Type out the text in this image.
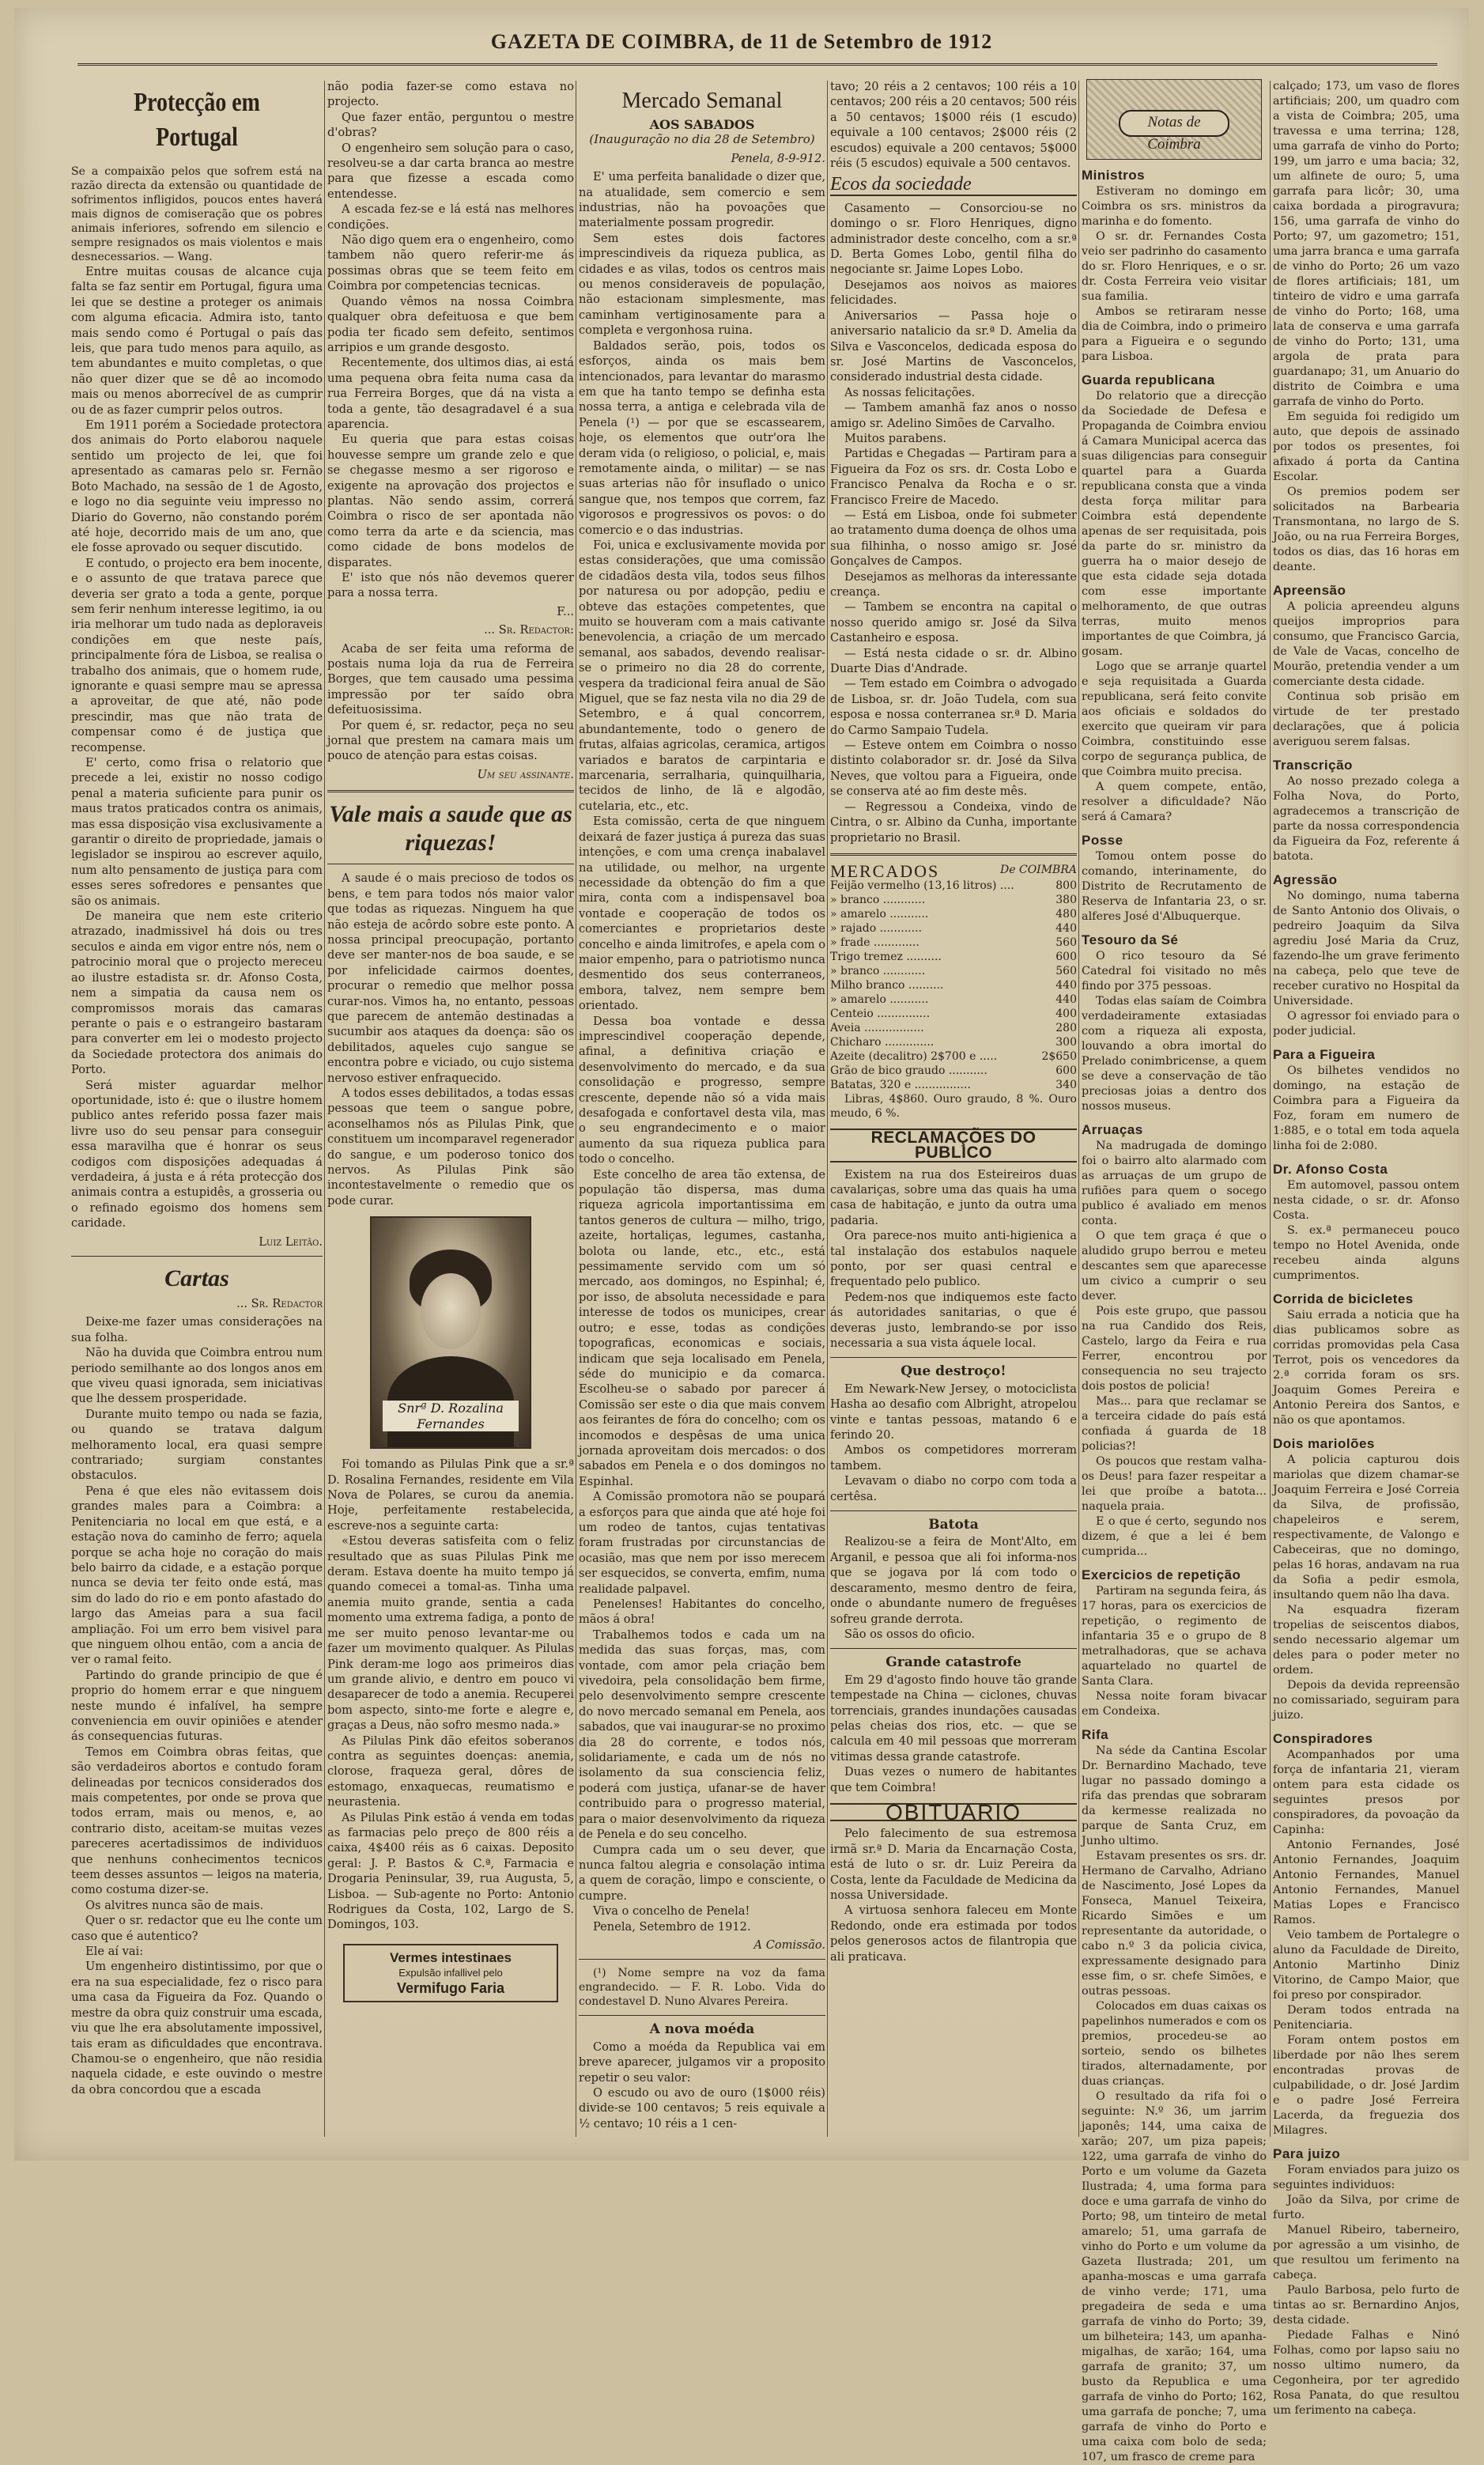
GAZETA DE COIMBRA, de 11 de Setembro de 1912
Protecção em Portugal

Se a compaixão pelos que sofrem está na razão directa da extensão ou quantidade de sofrimentos infligidos, poucos entes haverá mais dignos de comiseração que os pobres animais inferiores, sofrendo em silencio e sempre resignados os mais violentos e mais desnecessarios. — Wang.

Entre muitas cousas de alcance cuja falta se faz sentir em Portugal, figura uma lei que se destine a proteger os animais com alguma eficacia. Admira isto, tanto mais sendo como é Portugal o país das leis, que para tudo menos para aquilo, as tem abundantes e muito completas, o que não quer dizer que se dê ao incomodo mais ou menos aborrecível de as cumprir ou de as fazer cumprir pelos outros.

Em 1911 porém a Sociedade protectora dos animais do Porto elaborou naquele sentido um projecto de lei, que foi apresentado as camaras pelo sr. Fernão Boto Machado, na sessão de 1 de Agosto, e logo no dia seguinte veiu impresso no Diario do Governo, não constando porém até hoje, decorrido mais de um ano, que ele fosse aprovado ou sequer discutido.

E contudo, o projecto era bem inocente, e o assunto de que tratava parece que deveria ser grato a toda a gente, porque sem ferir nenhum interesse legitimo, ia ou iria melhorar um tudo nada as deploraveis condições em que neste país, principalmente fóra de Lisboa, se realisa o trabalho dos animais, que o homem rude, ignorante e quasi sempre mau se apressa a aproveitar, de que até, não pode prescindir, mas que não trata de compensar como é de justiça que recompense.

E' certo, como frisa o relatorio que precede a lei, existir no nosso codigo penal a materia suficiente para punir os maus tratos praticados contra os animais, mas essa disposição visa exclusivamente a garantir o direito de propriedade, jamais o legislador se inspirou ao escrever aquilo, num alto pensamento de justiça para com esses seres sofredores e pensantes que são os animais.

De maneira que nem este criterio atrazado, inadmissivel há dois ou tres seculos e ainda em vigor entre nós, nem o patrocinio moral que o projecto mereceu ao ilustre estadista sr. dr. Afonso Costa, nem a simpatia da causa nem os compromissos morais das camaras perante o pais e o estrangeiro bastaram para converter em lei o modesto projecto da Sociedade protectora dos animais do Porto.

Será mister aguardar melhor oportunidade, isto é: que o ilustre homem publico antes referido possa fazer mais livre uso do seu pensar para conseguir essa maravilha que é honrar os seus codigos com disposições adequadas á verdadeira, á justa e á réta protecção dos animais contra a estupidês, a grosseria ou o refinado egoismo dos homens sem caridade.

Luiz Leitão.
Cartas
... Sr. Redactor

Deixe-me fazer umas considerações na sua folha.

Não ha duvida que Coimbra entrou num periodo semilhante ao dos longos anos em que viveu quasi ignorada, sem iniciativas que lhe dessem prosperidade.

Durante muito tempo ou nada se fazia, ou quando se tratava dalgum melhoramento local, era quasi sempre contrariado; surgiam constantes obstaculos.

Pena é que eles não evitassem dois grandes males para a Coimbra: a Penitenciaria no local em que está, e a estação nova do caminho de ferro; aquela porque se acha hoje no coração do mais belo bairro da cidade, e a estação porque nunca se devia ter feito onde está, mas sim do lado do rio e em ponto afastado do largo das Ameias para a sua facil ampliação. Foi um erro bem visivel para que ninguem olhou então, com a ancia de ver o ramal feito.

Partindo do grande principio de que é proprio do homem errar e que ninguem neste mundo é infalível, ha sempre conveniencia em ouvir opiniões e atender ás consequencias futuras.

Temos em Coimbra obras feitas, que são verdadeiros abortos e contudo foram delineadas por tecnicos considerados dos mais competentes, por onde se prova que todos erram, mais ou menos, e, ao contrario disto, aceitam-se muitas vezes pareceres acertadissimos de individuos que nenhuns conhecimentos tecnicos teem desses assuntos — leigos na materia, como costuma dizer-se.

Os alvitres nunca são de mais.

Quer o sr. redactor que eu lhe conte um caso que é autentico?

Ele aí vai:

Um engenheiro distintissimo, por que o era na sua especialidade, fez o risco para uma casa da Figueira da Foz. Quando o mestre da obra quiz construir uma escada, viu que lhe era absolutamente impossivel, tais eram as dificuldades que encontrava. Chamou-se o engenheiro, que não residia naquela cidade, e este ouvindo o mestre da obra concordou que a escada

não podia fazer-se como estava no projecto.

Que fazer então, perguntou o mestre d'obras?

O engenheiro sem solução para o caso, resolveu-se a dar carta branca ao mestre para que fizesse a escada como entendesse.

A escada fez-se e lá está nas melhores condições.

Não digo quem era o engenheiro, como tambem não quero referir-me ás possimas obras que se teem feito em Coimbra por competencias tecnicas.

Quando vêmos na nossa Coimbra qualquer obra defeituosa e que bem podia ter ficado sem defeito, sentimos arripios e um grande desgosto.

Recentemente, dos ultimos dias, ai está uma pequena obra feita numa casa da rua Ferreira Borges, que dá na vista a toda a gente, tão desagradavel é a sua aparencia.

Eu queria que para estas coisas houvesse sempre um grande zelo e que se chegasse mesmo a ser rigoroso e exigente na aprovação dos projectos e plantas. Não sendo assim, correrá Coimbra o risco de ser apontada não como terra da arte e da sciencia, mas como cidade de bons modelos de disparates.

E' isto que nós não devemos querer para a nossa terra.

F...
... Sr. Redactor:

Acaba de ser feita uma reforma de postais numa loja da rua de Ferreira Borges, que tem causado uma pessima impressão por ter saído obra defeituosissima.

Por quem é, sr. redactor, peça no seu jornal que prestem na camara mais um pouco de atenção para estas coisas.

Um seu assinante.
Vale mais a saude que as riquezas!

A saude é o mais precioso de todos os bens, e tem para todos nós maior valor que todas as riquezas. Ninguem ha que não esteja de acôrdo sobre este ponto. A nossa principal preocupação, portanto deve ser manter-nos de boa saude, e se por infelicidade cairmos doentes, procurar o remedio que melhor possa curar-nos. Vimos ha, no entanto, pessoas que parecem de antemão destinadas a sucumbir aos ataques da doença: são os debilitados, aqueles cujo sangue se encontra pobre e viciado, ou cujo sistema nervoso estiver enfraquecido.

A todos esses debilitados, a todas essas pessoas que teem o sangue pobre, aconselhamos nós as Pilulas Pink, que constituem um incomparavel regenerador do sangue, e um poderoso tonico dos nervos. As Pilulas Pink são incontestavelmente o remedio que os pode curar.

Snrª D. Rozalina Fernandes
C. Rouver

Foi tomando as Pilulas Pink que a sr.ª D. Rosalina Fernandes, residente em Vila Nova de Polares, se curou da anemia. Hoje, perfeitamente restabelecida, escreve-nos a seguinte carta:

«Estou deveras satisfeita com o feliz resultado que as suas Pilulas Pink me deram. Estava doente ha muito tempo já quando comecei a tomal-as. Tinha uma anemia muito grande, sentia a cada momento uma extrema fadiga, a ponto de me ser muito penoso levantar-me ou fazer um movimento qualquer. As Pilulas Pink deram-me logo aos primeiros dias um grande alivio, e dentro em pouco vi desaparecer de todo a anemia. Recuperei bom aspecto, sinto-me forte e alegre e, graças a Deus, não sofro mesmo nada.»

As Pilulas Pink dão efeitos soberanos contra as seguintes doenças: anemia, clorose, fraqueza geral, dôres de estomago, enxaquecas, reumatismo e neurastenia.

As Pilulas Pink estão á venda em todas as farmacias pelo preço de 800 réis a caixa, 4$400 réis as 6 caixas. Deposito geral: J. P. Bastos & C.ª, Farmacia e Drogaria Peninsular, 39, rua Augusta, 5, Lisboa. — Sub-agente no Porto: Antonio Rodrigues da Costa, 102, Largo de S. Domingos, 103.

Vermes intestinaes
Expulsão infallivel pelo
Vermifugo Faria
Mercado Semanal
AOS SABADOS
(Inauguração no dia 28 de Setembro)
Penela, 8-9-912.

E' uma perfeita banalidade o dizer que, na atualidade, sem comercio e sem industrias, não ha povoações que materialmente possam progredir.

Sem estes dois factores imprescindiveis da riqueza publica, as cidades e as vilas, todos os centros mais ou menos consideraveis de população, não estacionam simplesmente, mas caminham vertiginosamente para a completa e vergonhosa ruina.

Baldados serão, pois, todos os esforços, ainda os mais bem intencionados, para levantar do marasmo em que ha tanto tempo se definha esta nossa terra, a antiga e celebrada vila de Penela (¹) — por que se escassearem, hoje, os elementos que outr'ora lhe deram vida (o religioso, o policial, e, mais remotamente ainda, o militar) — se nas suas arterias não fôr insuflado o unico sangue que, nos tempos que correm, faz vigorosos e progressivos os povos: o do comercio e o das industrias.

Foi, unica e exclusivamente movida por estas considerações, que uma comissão de cidadãos desta vila, todos seus filhos por naturesa ou por adopção, pediu e obteve das estações competentes, que muito se houveram com a mais cativante benevolencia, a criação de um mercado semanal, aos sabados, devendo realisar-se o primeiro no dia 28 do corrente, vespera da tradicional feira anual de São Miguel, que se faz nesta vila no dia 29 de Setembro, e á qual concorrem, abundantemente, todo o genero de frutas, alfaias agricolas, ceramica, artigos variados e baratos de carpintaria e marcenaria, serralharia, quinquilharia, tecidos de linho, de lã e algodão, cutelaria, etc., etc.

Esta comissão, certa de que ninguem deixará de fazer justiça á pureza das suas intenções, e com uma crença inabalavel na utilidade, ou melhor, na urgente necessidade da obtenção do fim a que mira, conta com a indispensavel boa vontade e cooperação de todos os comerciantes e proprietarios deste concelho e ainda limitrofes, e apela com o maior empenho, para o patriotismo nunca desmentido dos seus conterraneos, embora, talvez, nem sempre bem orientado.

Dessa boa vontade e dessa imprescindivel cooperação depende, afinal, a definitiva criação e desenvolvimento do mercado, e da sua consolidação e progresso, sempre crescente, depende não só a vida mais desafogada e confortavel desta vila, mas o seu engrandecimento e o maior aumento da sua riqueza publica para todo o concelho.

Este concelho de area tão extensa, de população tão dispersa, mas duma riqueza agricola importantissima em tantos generos de cultura — milho, trigo, azeite, hortaliças, legumes, castanha, bolota ou lande, etc., etc., está pessimamente servido com um só mercado, aos domingos, no Espinhal; é, por isso, de absoluta necessidade e para interesse de todos os municipes, crear outro; e esse, todas as condições topograficas, economicas e sociais, indicam que seja localisado em Penela, séde do municipio e da comarca. Escolheu-se o sabado por parecer á Comissão ser este o dia que mais convem aos feirantes de fóra do concelho; com os incomodos e despêsas de uma unica jornada aproveitam dois mercados: o dos sabados em Penela e o dos domingos no Espinhal.

A Comissão promotora não se poupará a esforços para que ainda que até hoje foi um rodeo de tantos, cujas tentativas foram frustradas por circunstancias de ocasião, mas que nem por isso merecem ser esquecidos, se converta, emfim, numa realidade palpavel.

Penelenses! Habitantes do concelho, mãos á obra!

Trabalhemos todos e cada um na medida das suas forças, mas, com vontade, com amor pela criação bem vivedoira, pela consolidação bem firme, pelo desenvolvimento sempre crescente do novo mercado semanal em Penela, aos sabados, que vai inaugurar-se no proximo dia 28 do corrente, e todos nós, solidariamente, e cada um de nós no isolamento da sua consciencia feliz, poderá com justiça, ufanar-se de haver contribuido para o progresso material, para o maior desenvolvimento da riqueza de Penela e do seu concelho.

Cumpra cada um o seu dever, que nunca faltou alegria e consolação intima a quem de coração, limpo e consciente, o cumpre.

Viva o concelho de Penela!

Penela, Setembro de 1912.

A Comissão.

(¹) Nome sempre na voz da fama engrandecido. — F. R. Lobo. Vida do condestavel D. Nuno Alvares Pereira.

A nova moéda

Como a moéda da Republica vai em breve aparecer, julgamos vir a proposito repetir o seu valor:

O escudo ou avo de ouro (1$000 réis) divide-se 100 centavos; 5 reis equivale a ½ centavo; 10 réis a 1 cen-

tavo; 20 réis a 2 centavos; 100 réis a 10 centavos; 200 réis a 20 centavos; 500 réis a 50 centavos; 1$000 réis (1 escudo) equivale a 100 centavos; 2$000 réis (2 escudos) equivale a 200 centavos; 5$000 réis (5 escudos) equivale a 500 centavos.

Ecos da sociedade

Casamento — Consorciou-se no domingo o sr. Floro Henriques, digno administrador deste concelho, com a sr.ª D. Berta Gomes Lobo, gentil filha do negociante sr. Jaime Lopes Lobo.

Desejamos aos noivos as maiores felicidades.

Aniversarios — Passa hoje o aniversario natalicio da sr.ª D. Amelia da Silva e Vasconcelos, dedicada esposa do sr. José Martins de Vasconcelos, considerado industrial desta cidade.

As nossas felicitações.

— Tambem amanhã faz anos o nosso amigo sr. Adelino Simões de Carvalho.

Muitos parabens.

Partidas e Chegadas — Partiram para a Figueira da Foz os srs. dr. Costa Lobo e Francisco Penalva da Rocha e o sr. Francisco Freire de Macedo.

— Está em Lisboa, onde foi submeter ao tratamento duma doença de olhos uma sua filhinha, o nosso amigo sr. José Gonçalves de Campos.

Desejamos as melhoras da interessante creança.

— Tambem se encontra na capital o nosso querido amigo sr. José da Silva Castanheiro e esposa.

— Está nesta cidade o sr. dr. Albino Duarte Dias d'Andrade.

— Tem estado em Coimbra o advogado de Lisboa, sr. dr. João Tudela, com sua esposa e nossa conterranea sr.ª D. Maria do Carmo Sampaio Tudela.

— Esteve ontem em Coimbra o nosso distinto colaborador sr. dr. José da Silva Neves, que voltou para a Figueira, onde se conserva até ao fim deste mês.

— Regressou a Condeixa, vindo de Cintra, o sr. Albino da Cunha, importante proprietario no Brasil.

MERCADOS	De COIMBRA
Feijão vermelho (13,16 litros) ....	800
» branco ............	380
» amarelo ...........	480
» rajado ............	440
» frade .............	560
Trigo tremez ..........	600
» branco ............	560
Milho branco ..........	440
» amarelo ...........	440
Centeio ...............	400
Aveia .................	280
Chicharo ..............	300
Azeite (decalitro) 2$700 e .....	2$650
Grão de bico graudo ...........	600
Batatas, 320 e ................	340

Libras, 4$860. Ouro graudo, 8 %. Ouro meudo, 6 %.

RECLAMAÇÕES DO PUBLICO

Existem na rua dos Esteireiros duas cavalariças, sobre uma das quais ha uma casa de habitação, e junto da outra uma padaria.

Ora parece-nos muito anti-higienica a tal instalação dos estabulos naquele ponto, por ser quasi central e frequentado pelo publico.

Pedem-nos que indiquemos este facto ás autoridades sanitarias, o que é deveras justo, lembrando-se por isso necessaria a sua vista áquele local.

Que destroço!

Em Newark-New Jersey, o motociclista Hasha ao desafio com Albright, atropelou vinte e tantas pessoas, matando 6 e ferindo 20.

Ambos os competidores morreram tambem.

Levavam o diabo no corpo com toda a certêsa.

Batota

Realizou-se a feira de Mont'Alto, em Arganil, e pessoa que ali foi informa-nos que se jogava por lá com todo o descaramento, mesmo dentro de feira, onde o abundante numero de freguêses sofreu grande derrota.

São os ossos do oficio.

Grande catastrofe

Em 29 d'agosto findo houve tão grande tempestade na China — ciclones, chuvas torrenciais, grandes inundações causadas pelas cheias dos rios, etc. — que se calcula em 40 mil pessoas que morreram vitimas dessa grande catastrofe.

Duas vezes o numero de habitantes que tem Coimbra!

OBITUARIO

Pelo falecimento de sua estremosa irmã sr.ª D. Maria da Encarnação Costa, está de luto o sr. dr. Luiz Pereira da Costa, lente da Faculdade de Medicina da nossa Universidade.

A virtuosa senhora faleceu em Monte Redondo, onde era estimada por todos pelos generosos actos de filantropia que ali praticava.

Notas de Coimbra
Ministros

Estiveram no domingo em Coimbra os srs. ministros da marinha e do fomento.

O sr. dr. Fernandes Costa veio ser padrinho do casamento do sr. Floro Henriques, e o sr. dr. Costa Ferreira veio visitar sua familia.

Ambos se retiraram nesse dia de Coimbra, indo o primeiro para a Figueira e o segundo para Lisboa.

Guarda republicana

Do relatorio que a direcção da Sociedade de Defesa e Propaganda de Coimbra enviou á Camara Municipal acerca das suas diligencias para conseguir quartel para a Guarda republicana consta que a vinda desta força militar para Coimbra está dependente apenas de ser requisitada, pois da parte do sr. ministro da guerra ha o maior desejo de que esta cidade seja dotada com esse importante melhoramento, de que outras terras, muito menos importantes de que Coimbra, já gosam.

Logo que se arranje quartel e seja requisitada a Guarda republicana, será feito convite aos oficiais e soldados do exercito que queiram vir para Coimbra, constituindo esse corpo de segurança publica, de que Coimbra muito precisa.

A quem compete, então, resolver a dificuldade? Não será á Camara?

Posse

Tomou ontem posse do comando, interinamente, do Distrito de Recrutamento de Reserva de Infantaria 23, o sr. alferes José d'Albuquerque.

Tesouro da Sé

O rico tesouro da Sé Catedral foi visitado no mês findo por 375 pessoas.

Todas elas saíam de Coimbra verdadeiramente extasiadas com a riqueza ali exposta, louvando a obra imortal do Prelado conimbricense, a quem se deve a conservação de tão preciosas joias a dentro dos nossos museus.

Arruaças

Na madrugada de domingo foi o bairro alto alarmado com as arruaças de um grupo de rufiões para quem o socego publico é avaliado em menos conta.

O que tem graça é que o aludido grupo berrou e meteu descantes sem que aparecesse um civico a cumprir o seu dever.

Pois este grupo, que passou na rua Candido dos Reis, Castelo, largo da Feira e rua Ferrer, encontrou por consequencia no seu trajecto dois postos de policia!

Mas... para que reclamar se a terceira cidade do país está confiada á guarda de 18 policias?!

Os poucos que restam valha-os Deus! para fazer respeitar a lei que proíbe a batota... naquela praia.

E o que é certo, segundo nos dizem, é que a lei é bem cumprida...

Exercicios de repetição

Partiram na segunda feira, ás 17 horas, para os exercicios de repetição, o regimento de infantaria 35 e o grupo de 8 metralhadoras, que se achava aquartelado no quartel de Santa Clara.

Nessa noite foram bivacar em Condeixa.

Rifa

Na séde da Cantina Escolar Dr. Bernardino Machado, teve lugar no passado domingo a rifa das prendas que sobraram da kermesse realizada no parque de Santa Cruz, em Junho ultimo.

Estavam presentes os srs. dr. Hermano de Carvalho, Adriano de Nascimento, José Lopes da Fonseca, Manuel Teixeira, Ricardo Simões e um representante da autoridade, o cabo n.º 3 da policia civica, expressamente designado para esse fim, o sr. chefe Simões, e outras pessoas.

Colocados em duas caixas os papelinhos numerados e com os premios, procedeu-se ao sorteio, sendo os bilhetes tirados, alternadamente, por duas crianças.

O resultado da rifa foi o seguinte: N.º 36, um jarrim japonês; 144, uma caixa de xarão; 207, um piza papeis; 122, uma garrafa de vinho do Porto e um volume da Gazeta Ilustrada; 4, uma forma para doce e uma garrafa de vinho do Porto; 98, um tinteiro de metal amarelo; 51, uma garrafa de vinho do Porto e um volume da Gazeta Ilustrada; 201, um apanha-moscas e uma garrafa de vinho verde; 171, uma pregadeira de seda e uma garrafa de vinho do Porto; 39, um bilheteira; 143, um apanha-migalhas, de xarão; 164, uma garrafa de granito; 37, um busto da Republica e uma garrafa de vinho do Porto; 162, uma garrafa de ponche; 7, uma garrafa de vinho do Porto e uma caixa com bolo de seda; 107, um frasco de creme para

calçado; 173, um vaso de flores artificiais; 200, um quadro com a vista de Coimbra; 205, uma travessa e uma terrina; 128, uma garrafa de vinho do Porto; 199, um jarro e uma bacia; 32, um alfinete de ouro; 5, uma garrafa para licôr; 30, uma caixa bordada a pirogravura; 156, uma garrafa de vinho do Porto; 97, um gazometro; 151, uma jarra branca e uma garrafa de vinho do Porto; 26 um vazo de flores artificiais; 181, um tinteiro de vidro e uma garrafa de vinho do Porto; 168, uma lata de conserva e uma garrafa de vinho do Porto; 131, uma argola de prata para guardanapo; 31, um Anuario do distrito de Coimbra e uma garrafa de vinho do Porto.

Em seguida foi redigido um auto, que depois de assinado por todos os presentes, foi afixado á porta da Cantina Escolar.

Os premios podem ser solicitados na Barbearia Transmontana, no largo de S. João, ou na rua Ferreira Borges, todos os dias, das 16 horas em deante.

Apreensão

A policia apreendeu alguns queijos improprios para consumo, que Francisco Garcia, de Vale de Vacas, concelho de Mourão, pretendia vender a um comerciante desta cidade.

Continua sob prisão em virtude de ter prestado declarações, que á policia averiguou serem falsas.

Transcrição

Ao nosso prezado colega a Folha Nova, do Porto, agradecemos a transcrição de parte da nossa correspondencia da Figueira da Foz, referente á batota.

Agressão

No domingo, numa taberna de Santo Antonio dos Olivais, o pedreiro Joaquim da Silva agrediu José Maria da Cruz, fazendo-lhe um grave ferimento na cabeça, pelo que teve de receber curativo no Hospital da Universidade.

O agressor foi enviado para o poder judicial.

Para a Figueira

Os bilhetes vendidos no domingo, na estação de Coimbra para a Figueira da Foz, foram em numero de 1:885, e o total em toda aquela linha foi de 2:080.

Dr. Afonso Costa

Em automovel, passou ontem nesta cidade, o sr. dr. Afonso Costa.

S. ex.ª permaneceu pouco tempo no Hotel Avenida, onde recebeu ainda alguns cumprimentos.

Corrida de bicicletes

Saiu errada a noticia que ha dias publicamos sobre as corridas promovidas pela Casa Terrot, pois os vencedores da 2.ª corrida foram os srs. Joaquim Gomes Pereira e Antonio Pereira dos Santos, e não os que apontamos.

Dois mariolões

A policia capturou dois mariolas que dizem chamar-se Joaquim Ferreira e José Correia da Silva, de profissão, chapeleiros e serem, respectivamente, de Valongo e Cabeceiras, que no domingo, pelas 16 horas, andavam na rua da Sofia a pedir esmola, insultando quem não lha dava.

Na esquadra fizeram tropelias de seiscentos diabos, sendo necessario algemar um deles para o poder meter no ordem.

Depois da devida repreensão no comissariado, seguiram para juizo.

Conspiradores

Acompanhados por uma força de infantaria 21, vieram ontem para esta cidade os seguintes presos por conspiradores, da povoação da Capinha:

Antonio Fernandes, José Antonio Fernandes, Joaquim Antonio Fernandes, Manuel Antonio Fernandes, Manuel Matias Lopes e Francisco Ramos.

Veio tambem de Portalegre o aluno da Faculdade de Direito, Antonio Martinho Diniz Vitorino, de Campo Maior, que foi preso por conspirador.

Deram todos entrada na Penitenciaria.

Foram ontem postos em liberdade por não lhes serem encontradas provas de culpabilidade, o dr. José Jardim e o padre José Ferreira Lacerda, da freguezia dos Milagres.

Para juizo

Foram enviados para juizo os seguintes individuos:

João da Silva, por crime de furto.

Manuel Ribeiro, taberneiro, por agressão a um visinho, de que resultou um ferimento na cabeça.

Paulo Barbosa, pelo furto de tintas ao sr. Bernardino Anjos, desta cidade.

Piedade Falhas e Ninó Folhas, como por lapso saiu no nosso ultimo numero, da Cegonheira, por ter agredido Rosa Panata, do que resultou um ferimento na cabeça.
